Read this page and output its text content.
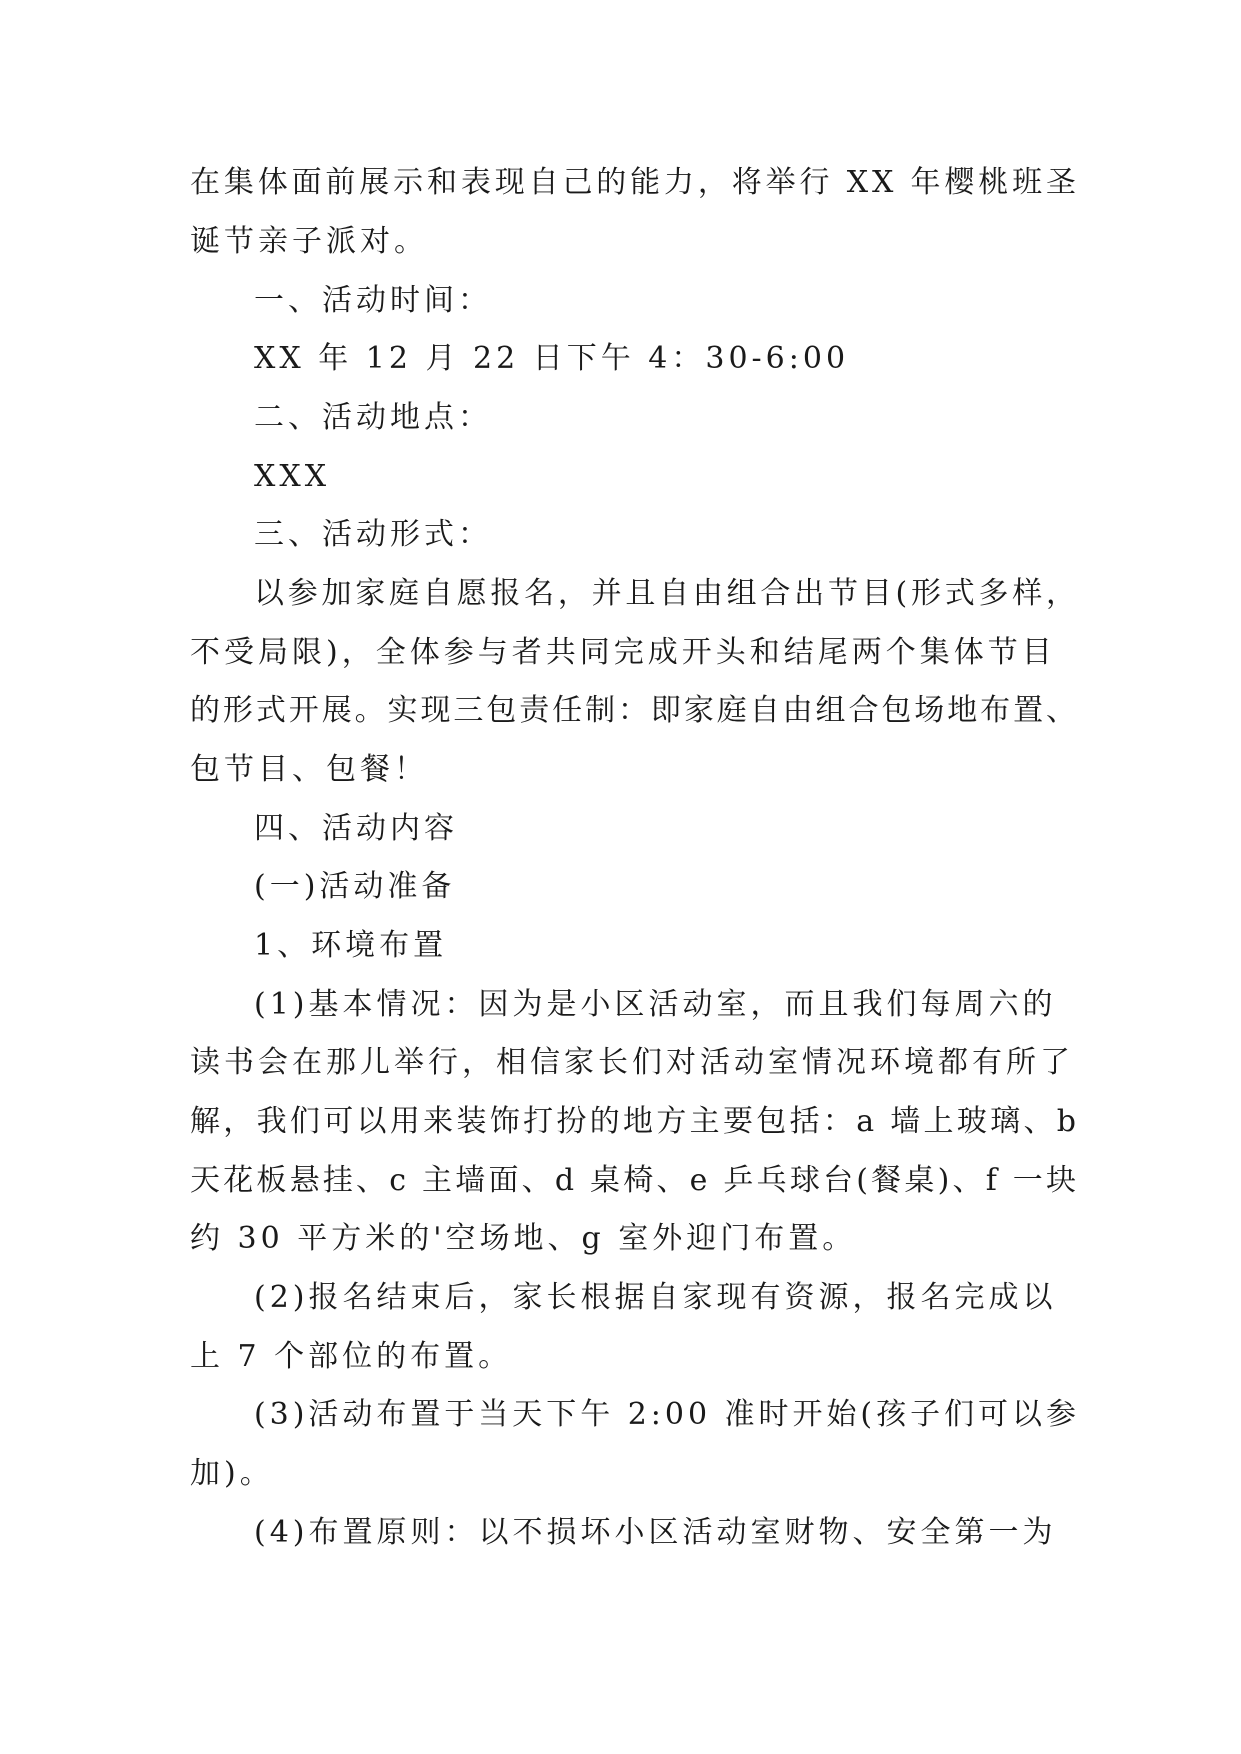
在集体面前展示和表现自己的能力，将举行 XX 年樱桃班圣

诞节亲子派对。

一、活动时间：

XX 年 12 月 22 日下午 4：30-6:00

二、活动地点：

XXX

三、活动形式：

以参加家庭自愿报名，并且自由组合出节目(形式多样，

不受局限)，全体参与者共同完成开头和结尾两个集体节目

的形式开展。实现三包责任制：即家庭自由组合包场地布置、

包节目、包餐！

四、活动内容

(一)活动准备

1、环境布置

(1)基本情况：因为是小区活动室，而且我们每周六的

读书会在那儿举行，相信家长们对活动室情况环境都有所了

解，我们可以用来装饰打扮的地方主要包括：a 墙上玻璃、b

天花板悬挂、c 主墙面、d 桌椅、e 乒乓球台(餐桌)、f 一块

约 30 平方米的'空场地、g 室外迎门布置。

(2)报名结束后，家长根据自家现有资源，报名完成以

上 7 个部位的布置。

(3)活动布置于当天下午 2:00 准时开始(孩子们可以参

加)。

(4)布置原则：以不损坏小区活动室财物、安全第一为
